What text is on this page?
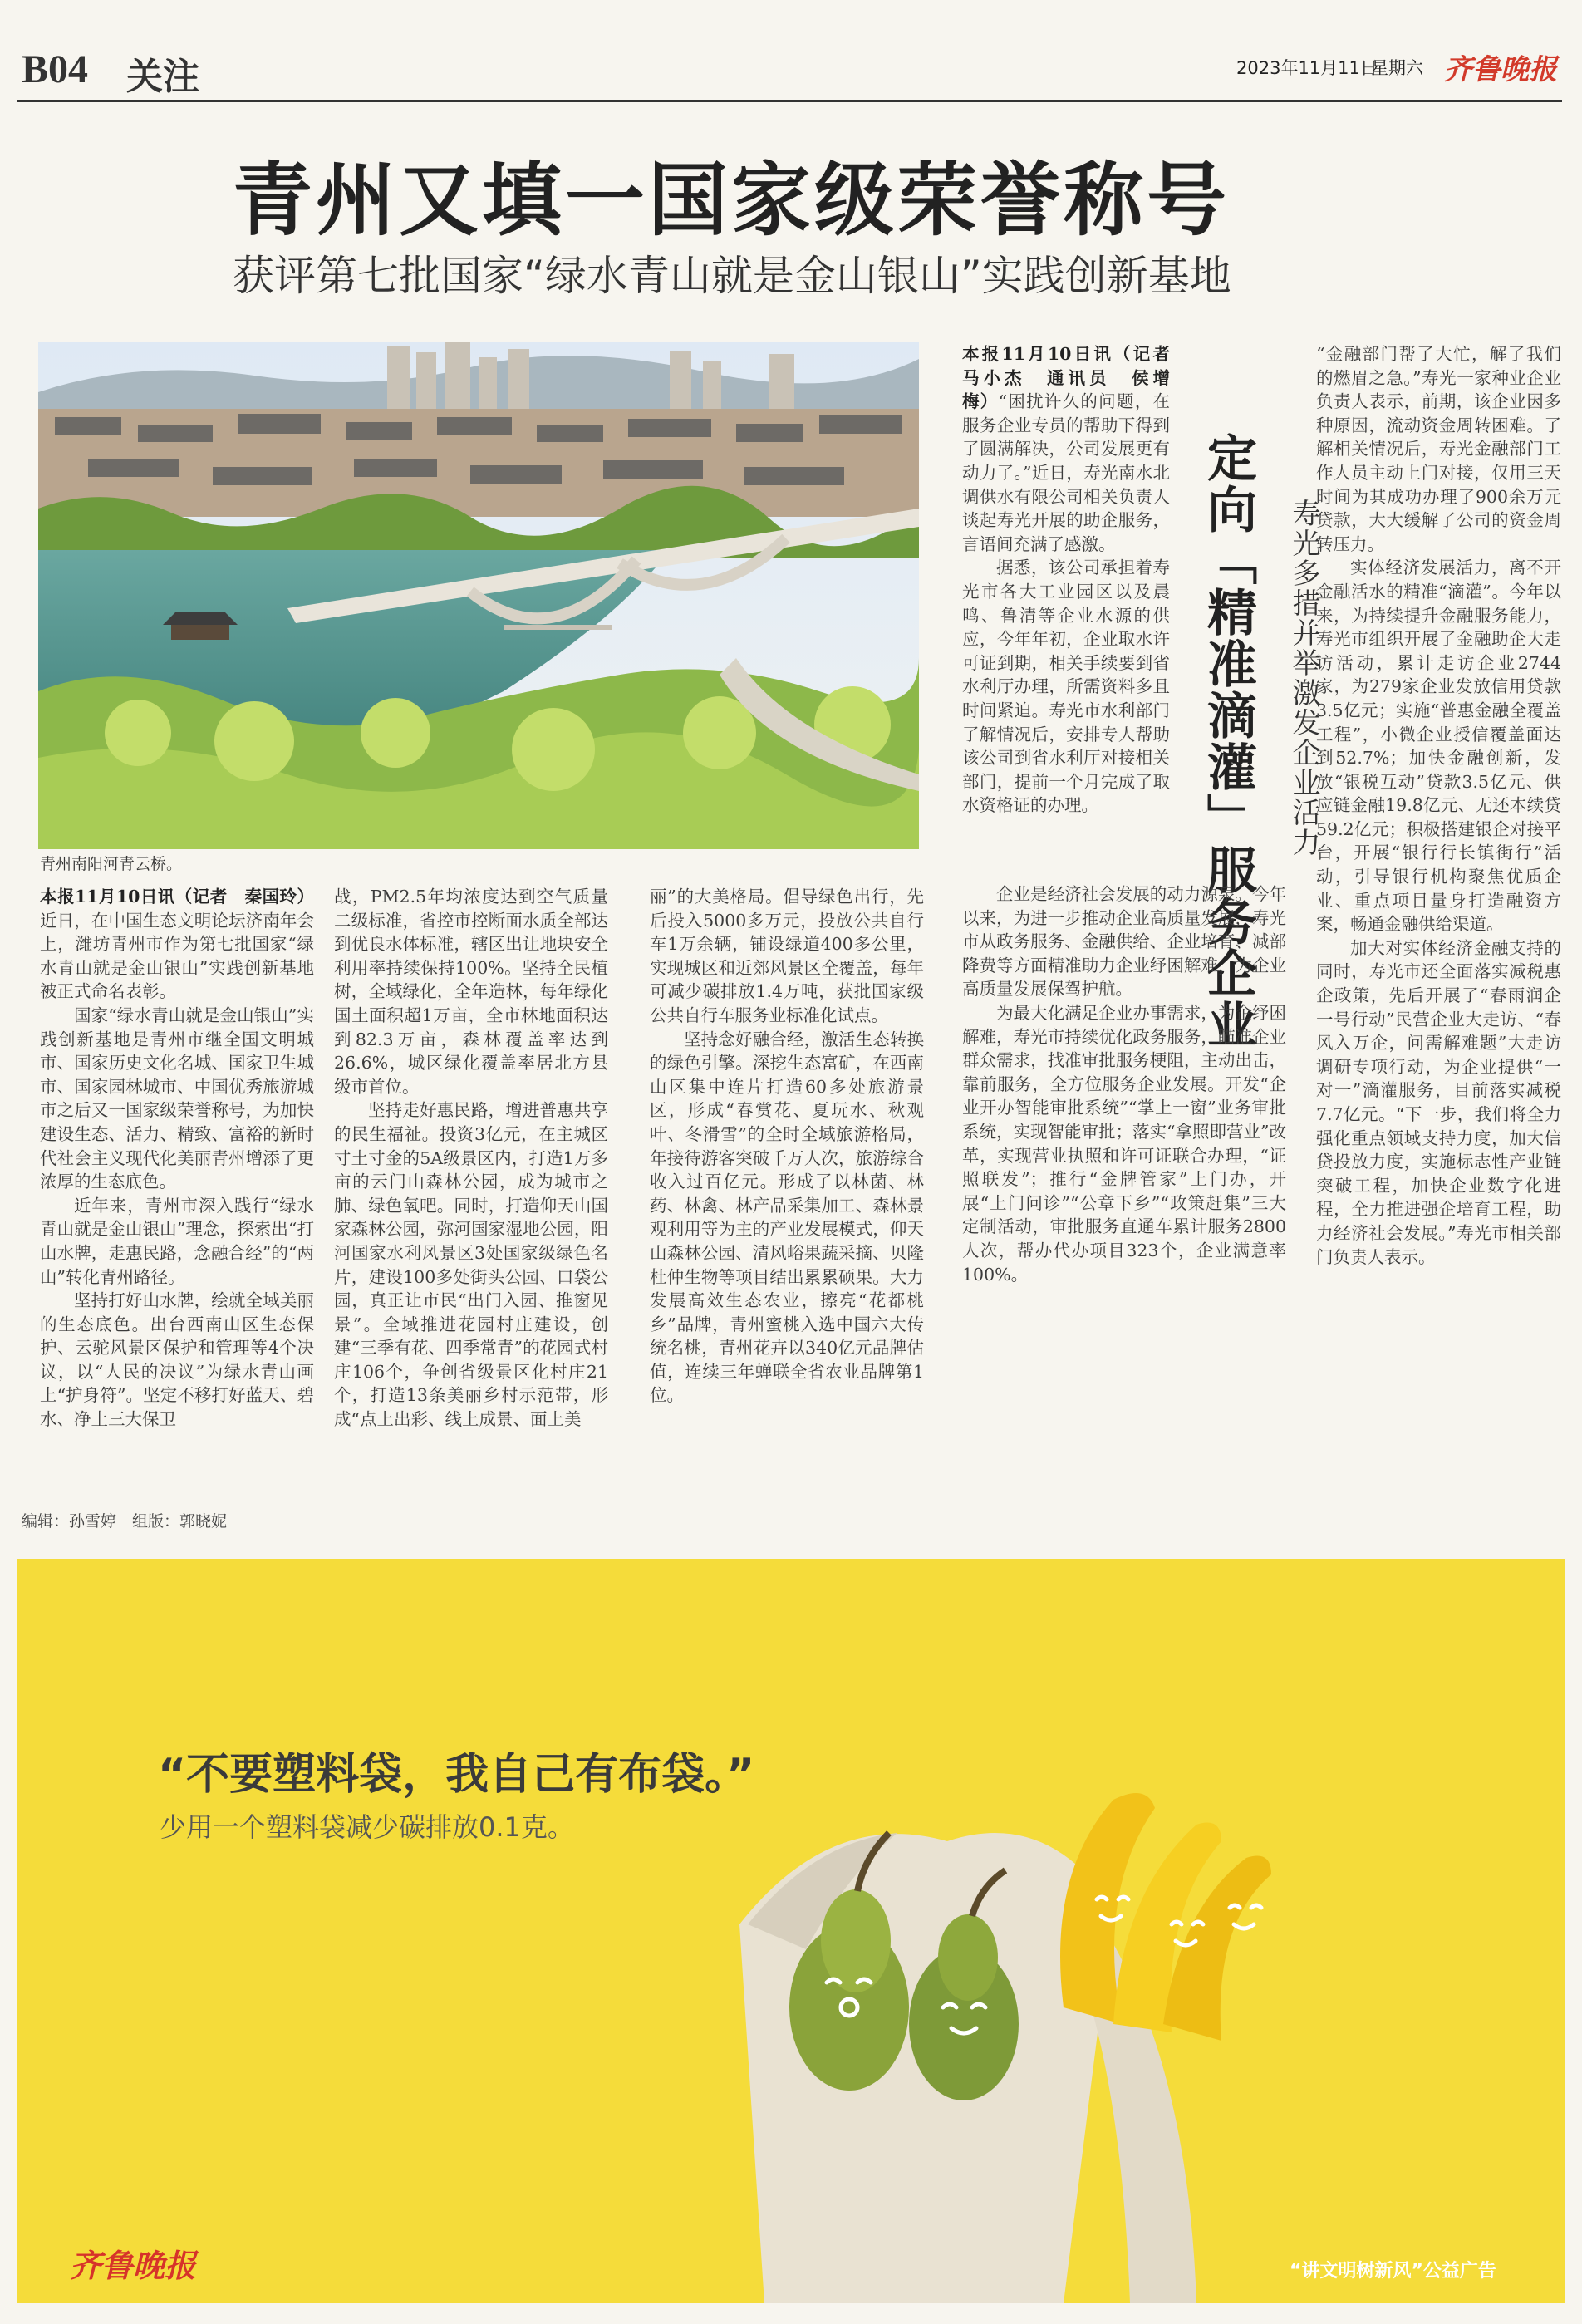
B04 关注	2023年11月11日
星期六 齐鲁晚报
青州又填一国家级荣誉称号
获评第七批国家“绿水青山就是金山银山”实践创新基地
青州南阳河青云桥。

本报11月10日讯（记者　秦国玲）近日，在中国生态文明论坛济南年会上，潍坊青州市作为第七批国家“绿水青山就是金山银山”实践创新基地被正式命名表彰。

国家“绿水青山就是金山银山”实践创新基地是青州市继全国文明城市、国家历史文化名城、国家卫生城市、国家园林城市、中国优秀旅游城市之后又一国家级荣誉称号，为加快建设生态、活力、精致、富裕的新时代社会主义现代化美丽青州增添了更浓厚的生态底色。

近年来，青州市深入践行“绿水青山就是金山银山”理念，探索出“打山水牌，走惠民路，念融合经”的“两山”转化青州路径。

坚持打好山水牌，绘就全域美丽的生态底色。出台西南山区生态保护、云驼风景区保护和管理等4个决议，以“人民的决议”为绿水青山画上“护身符”。坚定不移打好蓝天、碧水、净土三大保卫

战，PM2.5年均浓度达到空气质量二级标准，省控市控断面水质全部达到优良水体标准，辖区出让地块安全利用率持续保持100%。坚持全民植树，全域绿化，全年造林，每年绿化国土面积超1万亩，全市林地面积达到82.3万亩，森林覆盖率达到26.6%，城区绿化覆盖率居北方县级市首位。

坚持走好惠民路，增进普惠共享的民生福祉。投资3亿元，在主城区寸土寸金的5A级景区内，打造1万多亩的云门山森林公园，成为城市之肺、绿色氧吧。同时，打造仰天山国家森林公园，弥河国家湿地公园，阳河国家水利风景区3处国家级绿色名片，建设100多处街头公园、口袋公园，真正让市民“出门入园、推窗见景”。全域推进花园村庄建设，创建“三季有花、四季常青”的花园式村庄106个，争创省级景区化村庄21个，打造13条美丽乡村示范带，形成“点上出彩、线上成景、面上美

丽”的大美格局。倡导绿色出行，先后投入5000多万元，投放公共自行车1万余辆，铺设绿道400多公里，实现城区和近郊风景区全覆盖，每年可减少碳排放1.4万吨，获批国家级公共自行车服务业标准化试点。

坚持念好融合经，激活生态转换的绿色引擎。深挖生态富矿，在西南山区集中连片打造60多处旅游景区，形成“春赏花、夏玩水、秋观叶、冬滑雪”的全时全域旅游格局，年接待游客突破千万人次，旅游综合收入过百亿元。形成了以林菌、林药、林禽、林产品采集加工、森林景观利用等为主的产业发展模式，仰天山森林公园、清风峪果蔬采摘、贝隆杜仲生物等项目结出累累硕果。大力发展高效生态农业，擦亮“花都桃乡”品牌，青州蜜桃入选中国六大传统名桃，青州花卉以340亿元品牌估值，连续三年蝉联全省农业品牌第1位。

本报11月10日讯（记者　马小杰　通讯员　侯增梅）“困扰许久的问题，在服务企业专员的帮助下得到了圆满解决，公司发展更有动力了。”近日，寿光南水北调供水有限公司相关负责人谈起寿光开展的助企服务，言语间充满了感激。

据悉，该公司承担着寿光市各大工业园区以及晨鸣、鲁清等企业水源的供应，今年年初，企业取水许可证到期，相关手续要到省水利厅办理，所需资料多且时间紧迫。寿光市水利部门了解情况后，安排专人帮助该公司到省水利厅对接相关部门，提前一个月完成了取水资格证的办理。	定向「精准滴灌」服务企业 寿光多措并举激发企业活力

企业是经济社会发展的动力源泉。今年以来，为进一步推动企业高质量发展，寿光市从政务服务、金融供给、企业培育、减部降费等方面精准助力企业纾困解难，为企业高质量发展保驾护航。

为最大化满足企业办事需求，为企纾困解难，寿光市持续优化政务服务，瞄准企业群众需求，找准审批服务梗阻，主动出击，靠前服务，全方位服务企业发展。开发“企业开办智能审批系统”“掌上一窗”业务审批系统，实现智能审批；落实“拿照即营业”改革，实现营业执照和许可证联合办理，“证照联发”；推行“金牌管家”上门办，开展“上门问诊”“公章下乡”“政策赶集”三大定制活动，审批服务直通车累计服务2800人次，帮办代办项目323个，企业满意率100%。

“金融部门帮了大忙，解了我们的燃眉之急。”寿光一家种业企业负责人表示，前期，该企业因多种原因，流动资金周转困难。了解相关情况后，寿光金融部门工作人员主动上门对接，仅用三天时间为其成功办理了900余万元贷款，大大缓解了公司的资金周转压力。

实体经济发展活力，离不开金融活水的精准“滴灌”。今年以来，为持续提升金融服务能力，寿光市组织开展了金融助企大走访活动，累计走访企业2744家，为279家企业发放信用贷款3.5亿元；实施“普惠金融全覆盖工程”，小微企业授信覆盖面达到52.7%；加快金融创新，发放“银税互动”贷款3.5亿元、供应链金融19.8亿元、无还本续贷59.2亿元；积极搭建银企对接平台，开展“银行行长镇街行”活动，引导银行机构聚焦优质企业、重点项目量身打造融资方案，畅通金融供给渠道。

加大对实体经济金融支持的同时，寿光市还全面落实减税惠企政策，先后开展了“春雨润企一号行动”民营企业大走访、“春风入万企，问需解难题”大走访调研专项行动，为企业提供“一对一”滴灌服务，目前落实减税7.7亿元。“下一步，我们将全力强化重点领域支持力度，加大信贷投放力度，实施标志性产业链突破工程，加快企业数字化进程，全力推进强企培育工程，助力经济社会发展。”寿光市相关部门负责人表示。

编辑：孙雪婷　组版：郭晓妮
“不要塑料袋，我自己有布袋。”
少用一个塑料袋减少碳排放0.1克。
齐鲁晚报	“讲文明树新风”公益广告
